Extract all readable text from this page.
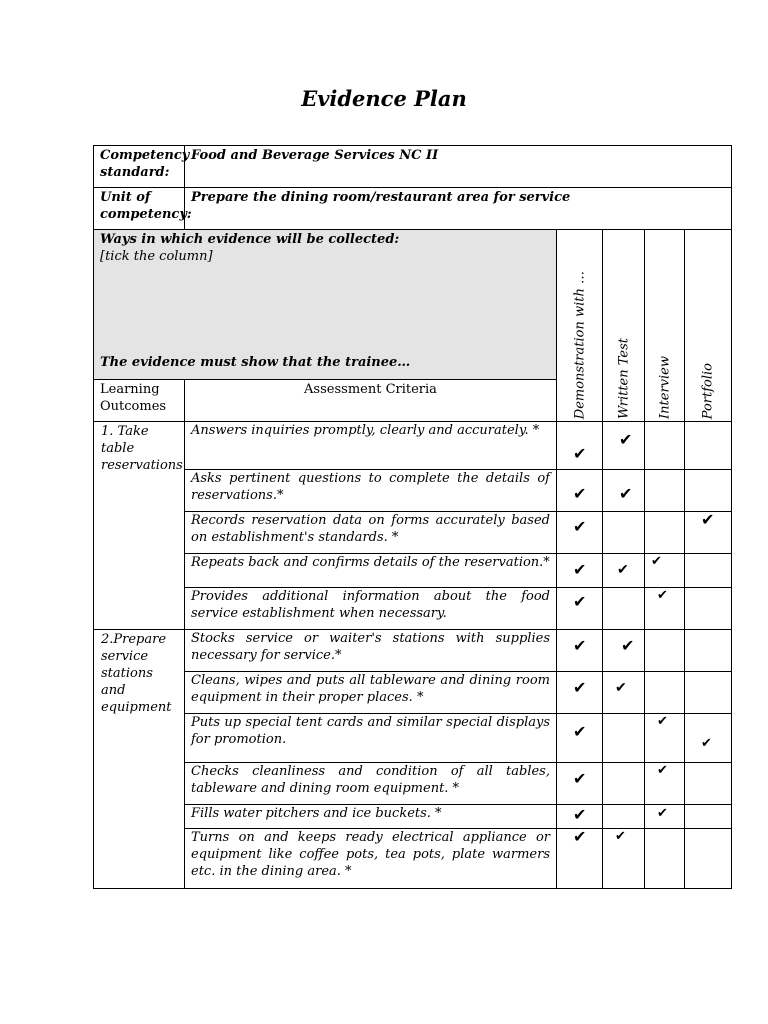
Evidence Plan
Competency standard:	Food and Beverage Services NC II				
Unit of competency:	Prepare the dining room/restaurant area for service				

Ways in which evidence will be collected:
[tick the column]
The evidence must show that the trainee…		Demonstration with …	Written Test	Interview	Portfolio

Learning Outcomes	Assessment Criteria				
1. Take table reservations	Answers inquiries promptly, clearly and accurately. *	✔	✔		

	Asks pertinent questions to complete the details of reservations.*	✔	✔		

	Records reservation data on forms accurately based on establishment's standards. *	✔			✔

	Repeats back and confirms details of the reservation.*	✔	✔	✔	

	Provides additional information about the food service establishment when necessary.	✔		✔	

2.Prepare service stations and equipment	Stocks service or waiter's stations with supplies necessary for service.*	✔	✔		

	Cleans, wipes and puts all tableware and dining room equipment in their proper places. *	✔	✔		

	Puts up special tent cards and similar special displays for promotion.	✔		✔	✔

	Checks cleanliness and condition of all tables, tableware and dining room equipment. *	✔		✔	

	Fills water pitchers and ice buckets. *	✔		✔	

	Turns on and keeps ready electrical appliance or equipment like coffee pots, tea pots, plate warmers etc. in the dining area. *	✔	✔		
